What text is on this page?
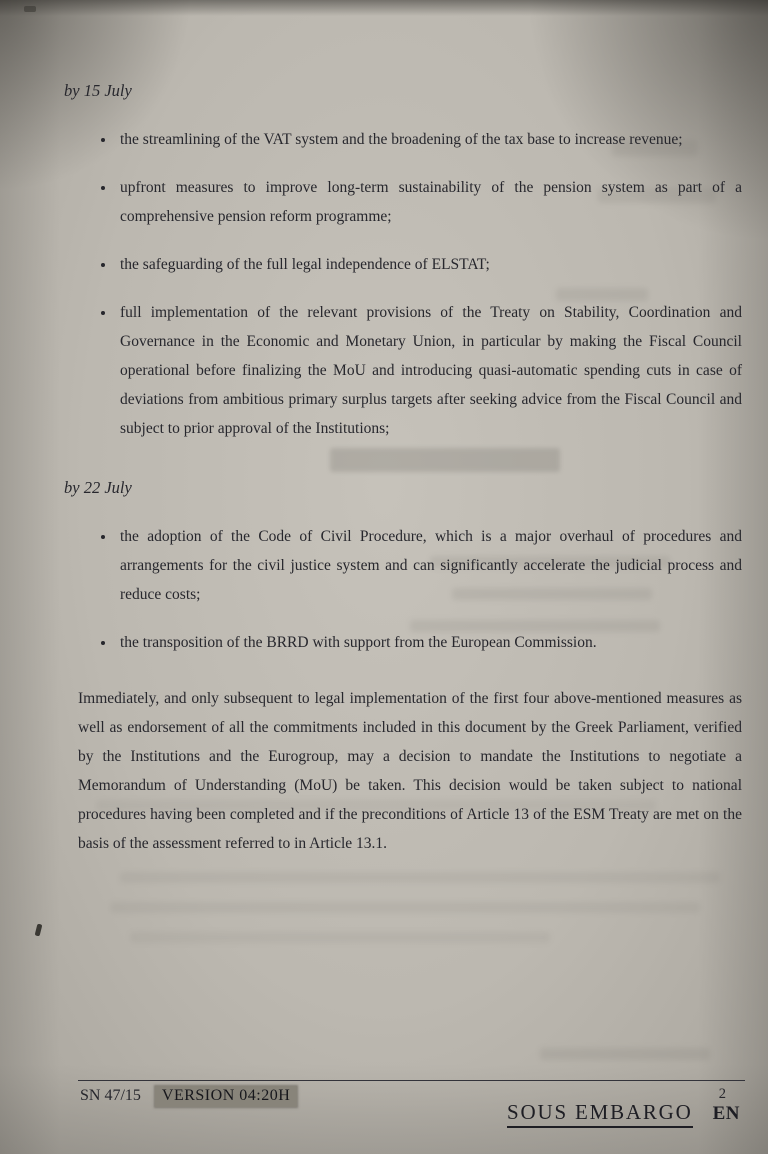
by 15 July
the streamlining of the VAT system and the broadening of the tax base to increase revenue;
upfront measures to improve long-term sustainability of the pension system as part of a comprehensive pension reform programme;
the safeguarding of the full legal independence of ELSTAT;
full implementation of the relevant provisions of the Treaty on Stability, Coordination and Governance in the Economic and Monetary Union, in particular by making the Fiscal Council operational before finalizing the MoU and introducing quasi-automatic spending cuts in case of deviations from ambitious primary surplus targets after seeking advice from the Fiscal Council and subject to prior approval of the Institutions;
by 22 July
the adoption of the Code of Civil Procedure, which is a major overhaul of procedures and arrangements for the civil justice system and can significantly accelerate the judicial process and reduce costs;
the transposition of the BRRD with support from the European Commission.

Immediately, and only subsequent to legal implementation of the first four above-mentioned measures as well as endorsement of all the commitments included in this document by the Greek Parliament, verified by the Institutions and the Eurogroup, may a decision to mandate the Institutions to negotiate a Memorandum of Understanding (MoU) be taken. This decision would be taken subject to national procedures having been completed and if the preconditions of Article 13 of the ESM Treaty are met on the basis of the assessment referred to in Article 13.1.

SN 47/15 VERSION 04:20H	2
SOUS EMBARGO EN
